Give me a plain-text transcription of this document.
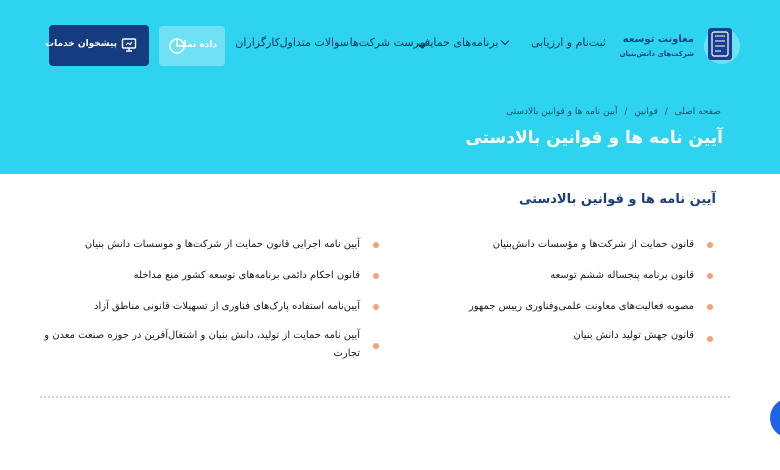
معاونت توسعه
شرکت‌های دانش‌بنیان
ثبت‌نام و ارزیابی
برنامه‌های حمایتی
فهرست شرکت‌ها
سوالات متداول
کارگزاران
داده نما
پیشخوان خدمات
صفحه اصلی / قوانین / آیین نامه ها و قوانین بالادستی
آیین نامه ها و قوانین بالادستی
آیین نامه ها و قوانین بالادستی
قانون حمایت از شرکت‌ها و مؤسسات دانش‌بنیان
قانون برنامه پنجساله ششم توسعه
مصوبه فعالیت‌های معاونت علمی‌وفناوری رییس جمهور
قانون جهش تولید دانش بنیان
آیین نامه اجرایی قانون حمایت از شرکت‌ها و موسسات دانش بنیان
قانون احکام دائمی برنامه‌های توسعه کشور منع مداخله
آیین‌نامه استفاده پارک‌های فناوری از تسهیلات قانونی مناطق آزاد
آیین نامه حمایت از تولید، دانش بنیان و اشتغال‌آفرین در حوزه صنعت معدن و تجارت
